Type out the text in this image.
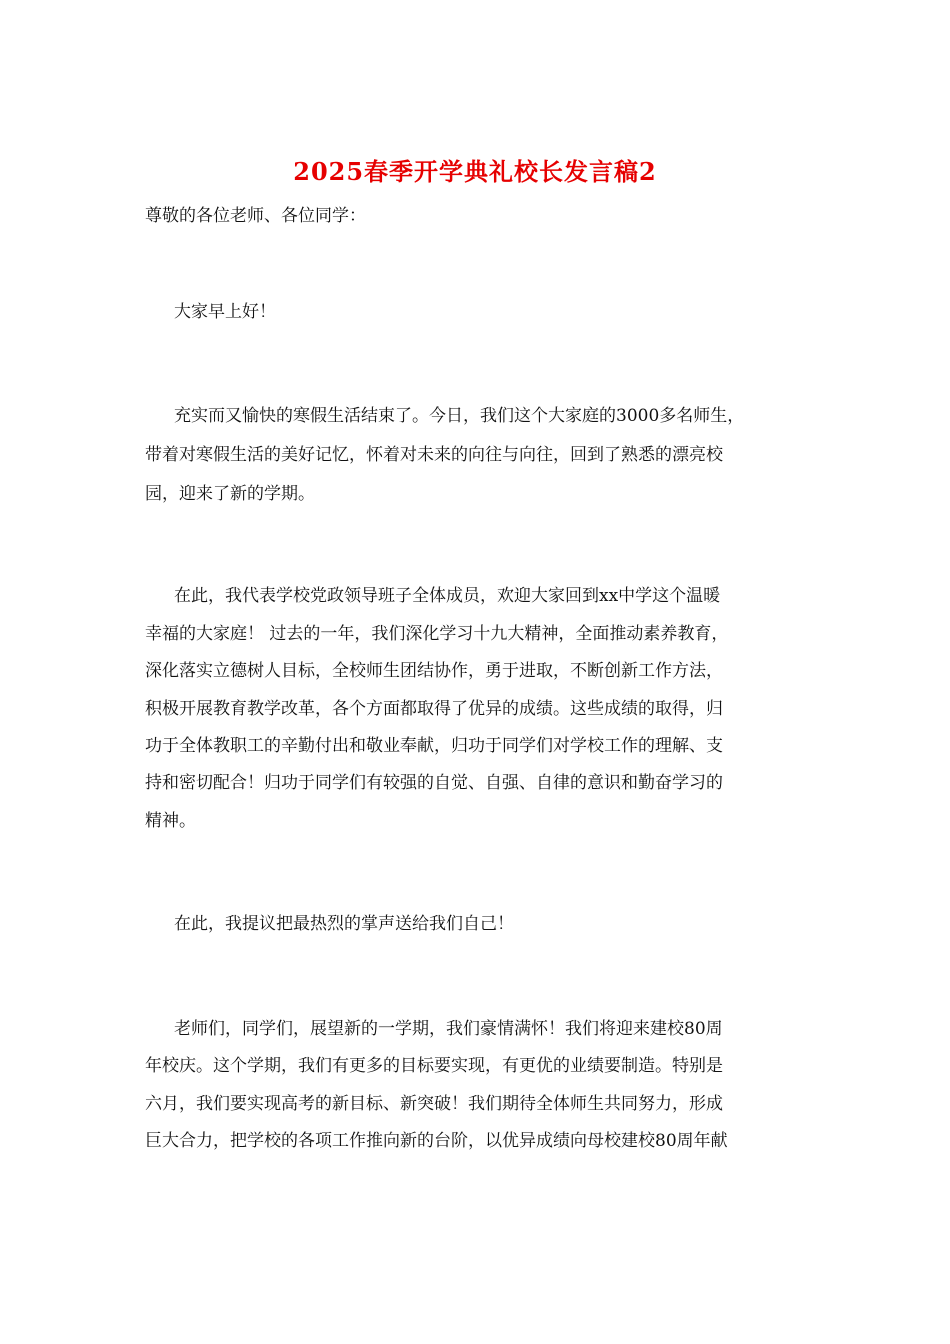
2025春季开学典礼校长发言稿2

尊敬的各位老师、各位同学：

大家早上好！

充实而又愉快的寒假生活结束了。今日，我们这个大家庭的3000多名师生，

带着对寒假生活的美好记忆，怀着对未来的向往与向往，回到了熟悉的漂亮校

园，迎来了新的学期。

在此，我代表学校党政领导班子全体成员，欢迎大家回到xx中学这个温暖

幸福的大家庭！ 过去的一年，我们深化学习十九大精神，全面推动素养教育，

深化落实立德树人目标，全校师生团结协作，勇于进取，不断创新工作方法，

积极开展教育教学改革，各个方面都取得了优异的成绩。这些成绩的取得，归

功于全体教职工的辛勤付出和敬业奉献，归功于同学们对学校工作的理解、支

持和密切配合！归功于同学们有较强的自觉、自强、自律的意识和勤奋学习的

精神。

在此，我提议把最热烈的掌声送给我们自己！

老师们，同学们，展望新的一学期，我们豪情满怀！我们将迎来建校80周

年校庆。这个学期，我们有更多的目标要实现，有更优的业绩要制造。特别是

六月，我们要实现高考的新目标、新突破！我们期待全体师生共同努力，形成

巨大合力，把学校的各项工作推向新的台阶，以优异成绩向母校建校80周年献
